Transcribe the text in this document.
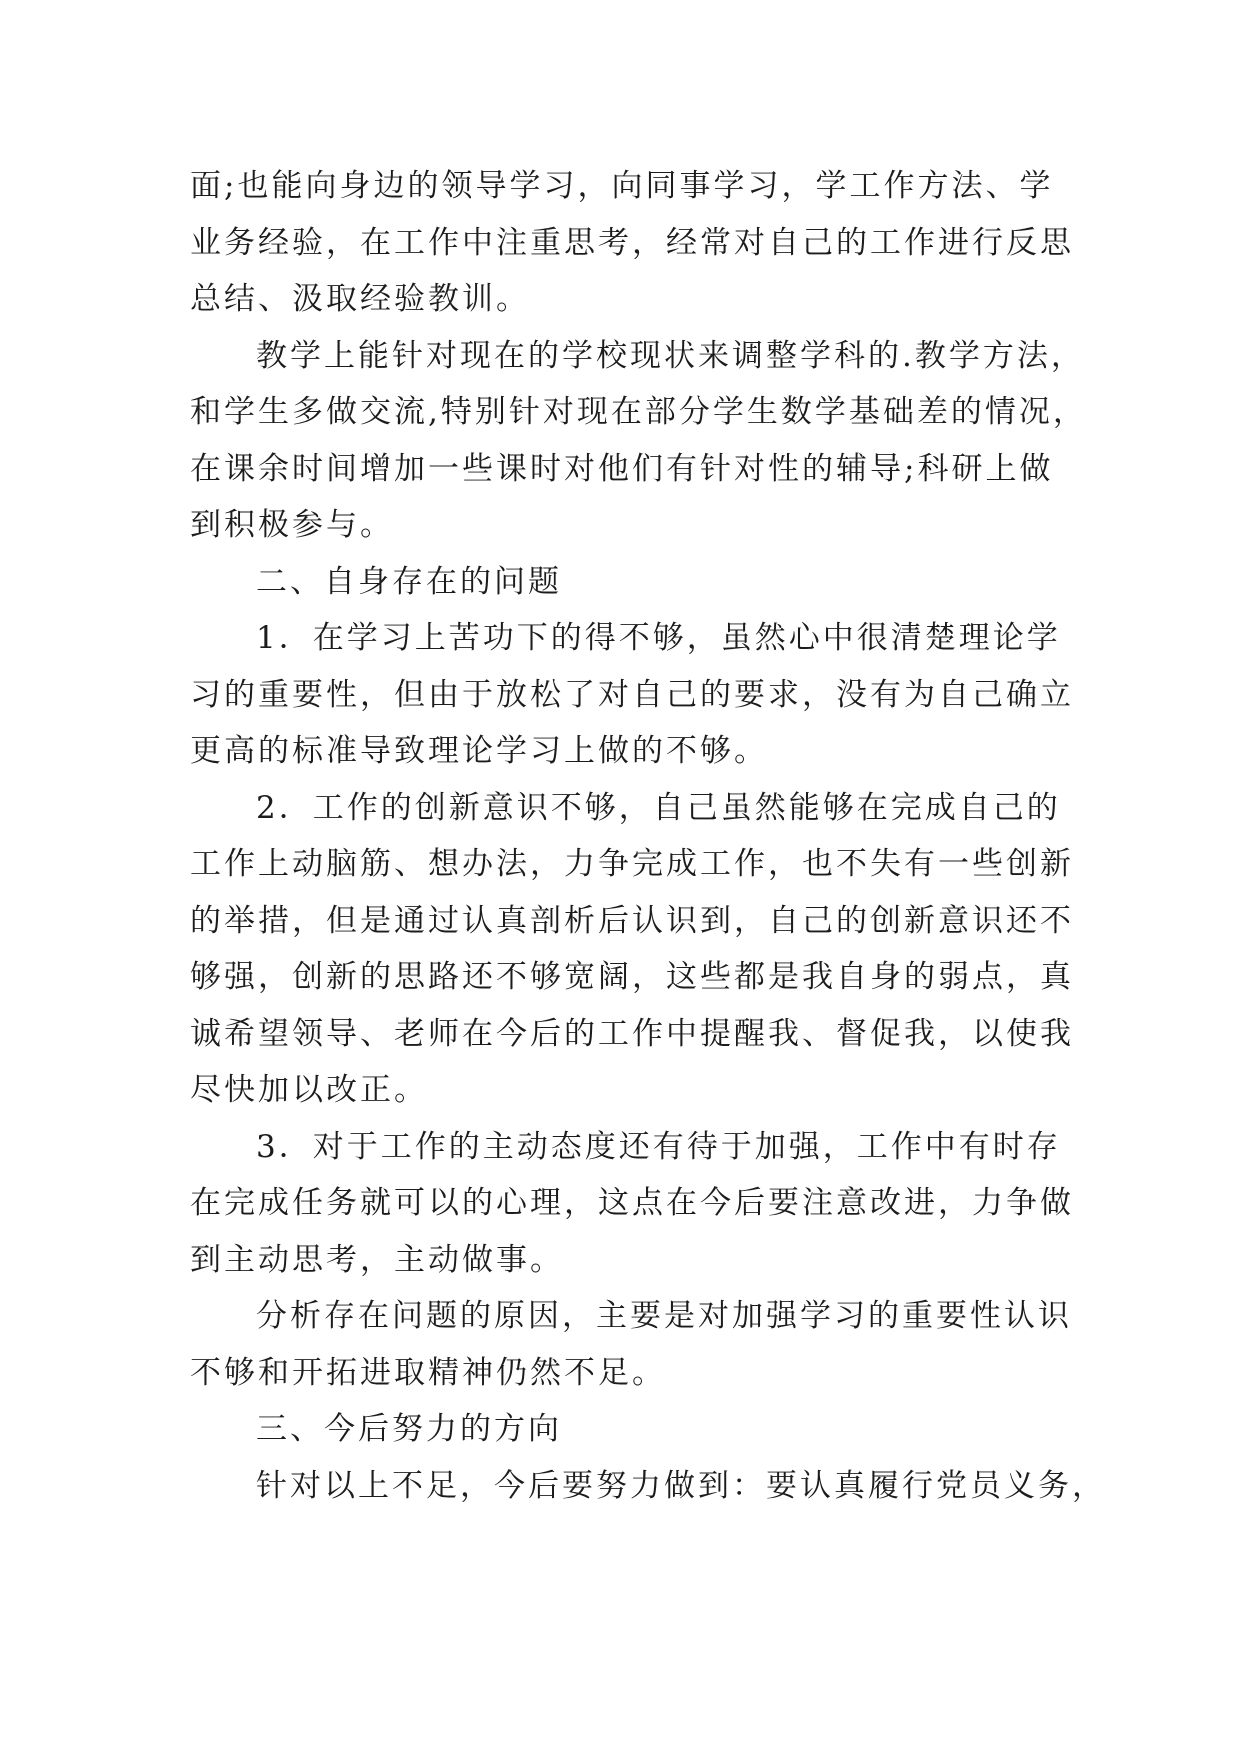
面;也能向身边的领导学习，向同事学习，学工作方法、学
业务经验，在工作中注重思考，经常对自己的工作进行反思
总结、汲取经验教训。

教学上能针对现在的学校现状来调整学科的.教学方法，
和学生多做交流,特别针对现在部分学生数学基础差的情况，
在课余时间增加一些课时对他们有针对性的辅导;科研上做
到积极参与。

二、自身存在的问题

1．在学习上苦功下的得不够，虽然心中很清楚理论学
习的重要性，但由于放松了对自己的要求，没有为自己确立
更高的标准导致理论学习上做的不够。

2．工作的创新意识不够，自己虽然能够在完成自己的
工作上动脑筋、想办法，力争完成工作，也不失有一些创新
的举措，但是通过认真剖析后认识到，自己的创新意识还不
够强，创新的思路还不够宽阔，这些都是我自身的弱点，真
诚希望领导、老师在今后的工作中提醒我、督促我，以使我
尽快加以改正。

3．对于工作的主动态度还有待于加强，工作中有时存
在完成任务就可以的心理，这点在今后要注意改进，力争做
到主动思考，主动做事。

分析存在问题的原因，主要是对加强学习的重要性认识
不够和开拓进取精神仍然不足。

三、今后努力的方向

针对以上不足，今后要努力做到：要认真履行党员义务，
